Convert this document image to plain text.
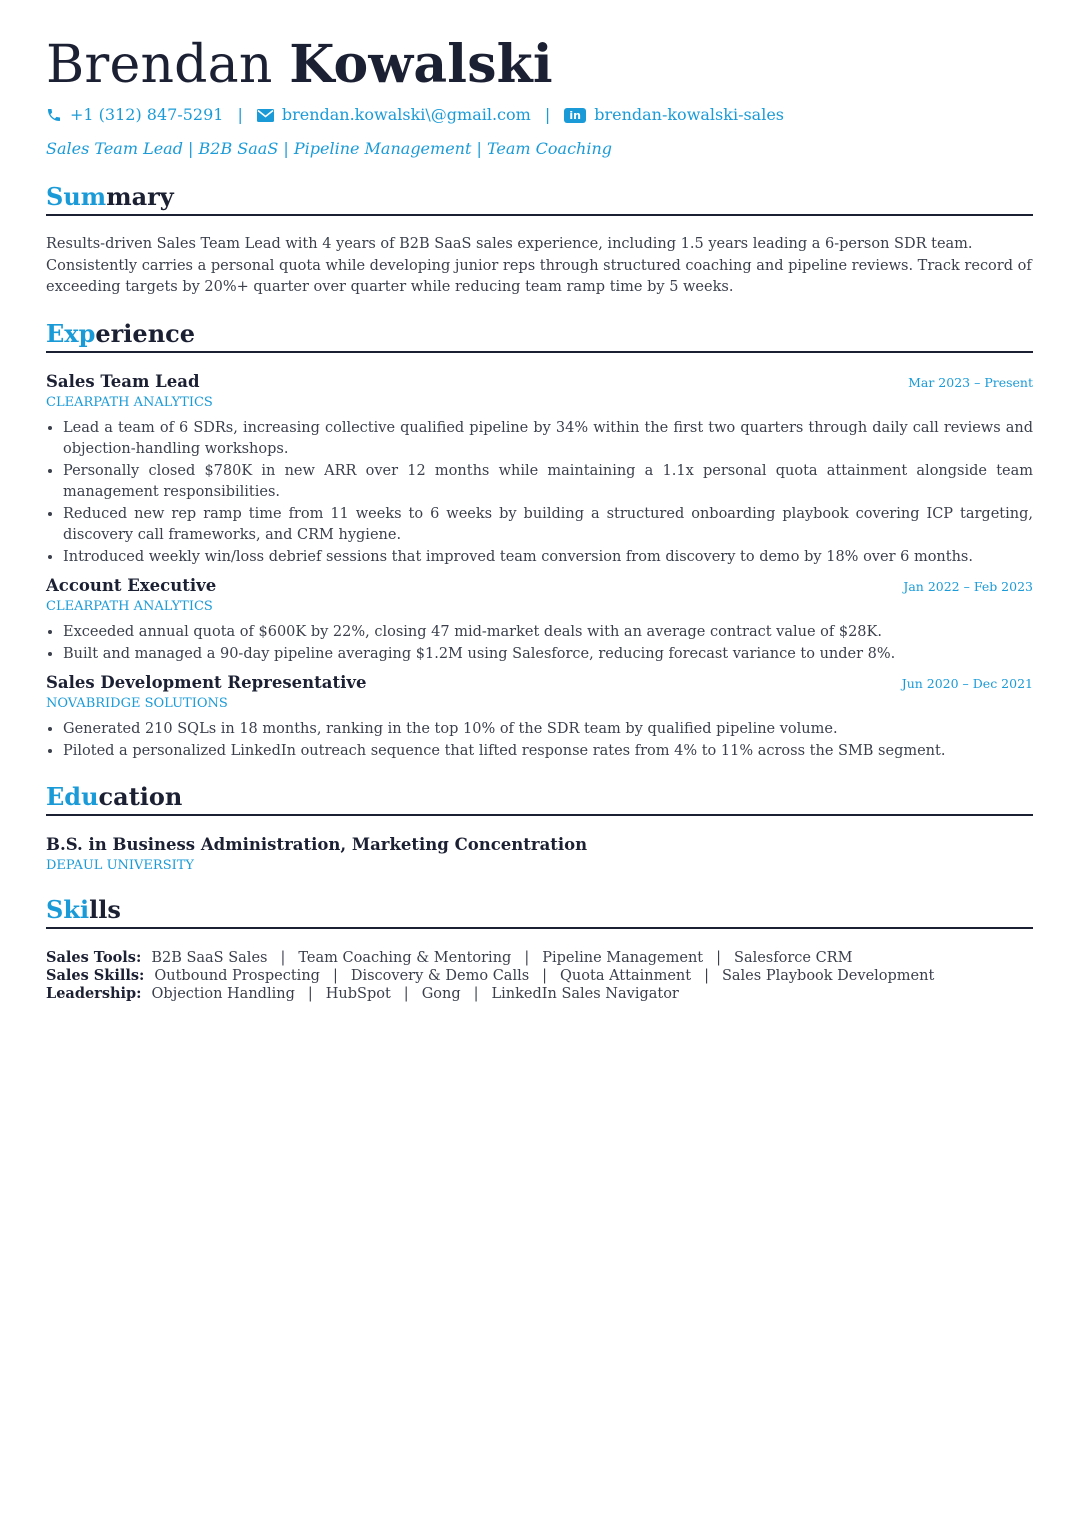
Brendan Kowalski
+1 (312) 847-5291 | brendan.kowalski\@gmail.com |	in brendan-kowalski-sales
Sales Team Lead | B2B SaaS | Pipeline Management | Team Coaching
Summary
Results-driven Sales Team Lead with 4 years of B2B SaaS sales experience, including 1.5 years leading a 6-person SDR team. Consistently carries a personal quota while developing junior reps through structured coaching and pipeline reviews. Track record of exceeding targets by 20%+ quarter over quarter while reducing team ramp time by 5 weeks.
Experience
Sales Team Lead	Mar 2023 – Present
CLEARPATH ANALYTICS
• Lead a team of 6 SDRs, increasing collective qualified pipeline by 34% within the first two quarters through daily call reviews and objection-handling workshops.
• Personally closed $780K in new ARR over 12 months while maintaining a 1.1x personal quota attainment alongside team management responsibilities.
• Reduced new rep ramp time from 11 weeks to 6 weeks by building a structured onboarding playbook covering ICP targeting, discovery call frameworks, and CRM hygiene.
• Introduced weekly win/loss debrief sessions that improved team conversion from discovery to demo by 18% over 6 months.
Account Executive	Jan 2022 – Feb 2023
CLEARPATH ANALYTICS
• Exceeded annual quota of $600K by 22%, closing 47 mid-market deals with an average contract value of $28K.
• Built and managed a 90-day pipeline averaging $1.2M using Salesforce, reducing forecast variance to under 8%.
Sales Development Representative	Jun 2020 – Dec 2021
NOVABRIDGE SOLUTIONS
• Generated 210 SQLs in 18 months, ranking in the top 10% of the SDR team by qualified pipeline volume.
• Piloted a personalized LinkedIn outreach sequence that lifted response rates from 4% to 11% across the SMB segment.
Education
B.S. in Business Administration, Marketing Concentration
DEPAUL UNIVERSITY
Skills
Sales Tools: B2B SaaS Sales | Team Coaching & Mentoring | Pipeline Management | Salesforce CRM
Sales Skills: Outbound Prospecting | Discovery & Demo Calls | Quota Attainment | Sales Playbook Development
Leadership: Objection Handling | HubSpot | Gong | LinkedIn Sales Navigator
